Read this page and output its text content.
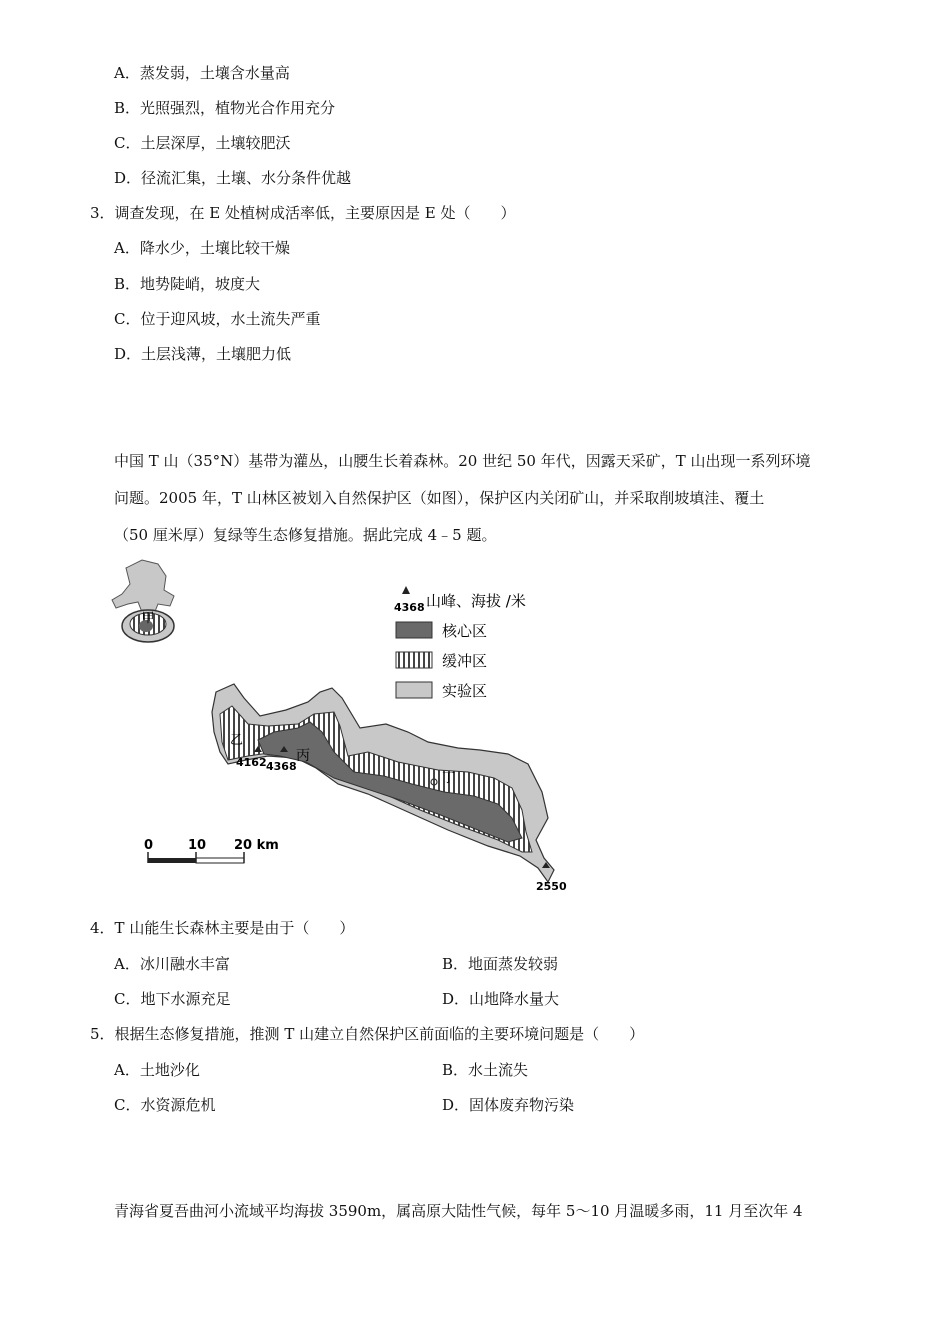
A．蒸发弱，土壤含水量高
B．光照强烈，植物光合作用充分
C．土层深厚，土壤较肥沃
D．径流汇集，土壤、水分条件优越
3．调查发现，在 E 处植树成活率低，主要原因是 E 处（　　）
A．降水少，土壤比较干燥
B．地势陡峭，坡度大
C．位于迎风坡，水土流失严重
D．土层浅薄，土壤肥力低
中国 T 山（35°N）基带为灌丛，山腰生长着森林。20 世纪 50 年代，因露天采矿，T 山出现一系列环境
问题。2005 年，T 山林区被划入自然保护区（如图），保护区内关闭矿山，并采取削坡填洼、覆土
（50 厘米厚）复绿等生态修复措施。据此完成 4﹣5 题。
甲
乙
丙
丁
4162 4368
2550
4368 山峰、海拔 /米
核心区
缓冲区
实验区
0	10 20 km
4．T 山能生长森林主要是由于（　　）
A．冰川融水丰富	B．地面蒸发较弱
C．地下水源充足	D．山地降水量大
5．根据生态修复措施，推测 T 山建立自然保护区前面临的主要环境问题是（　　）
A．土地沙化	B．水土流失
C．水资源危机	D．固体废弃物污染
青海省夏吾曲河小流域平均海拔 3590m，属高原大陆性气候，每年 5～10 月温暖多雨，11 月至次年 4
